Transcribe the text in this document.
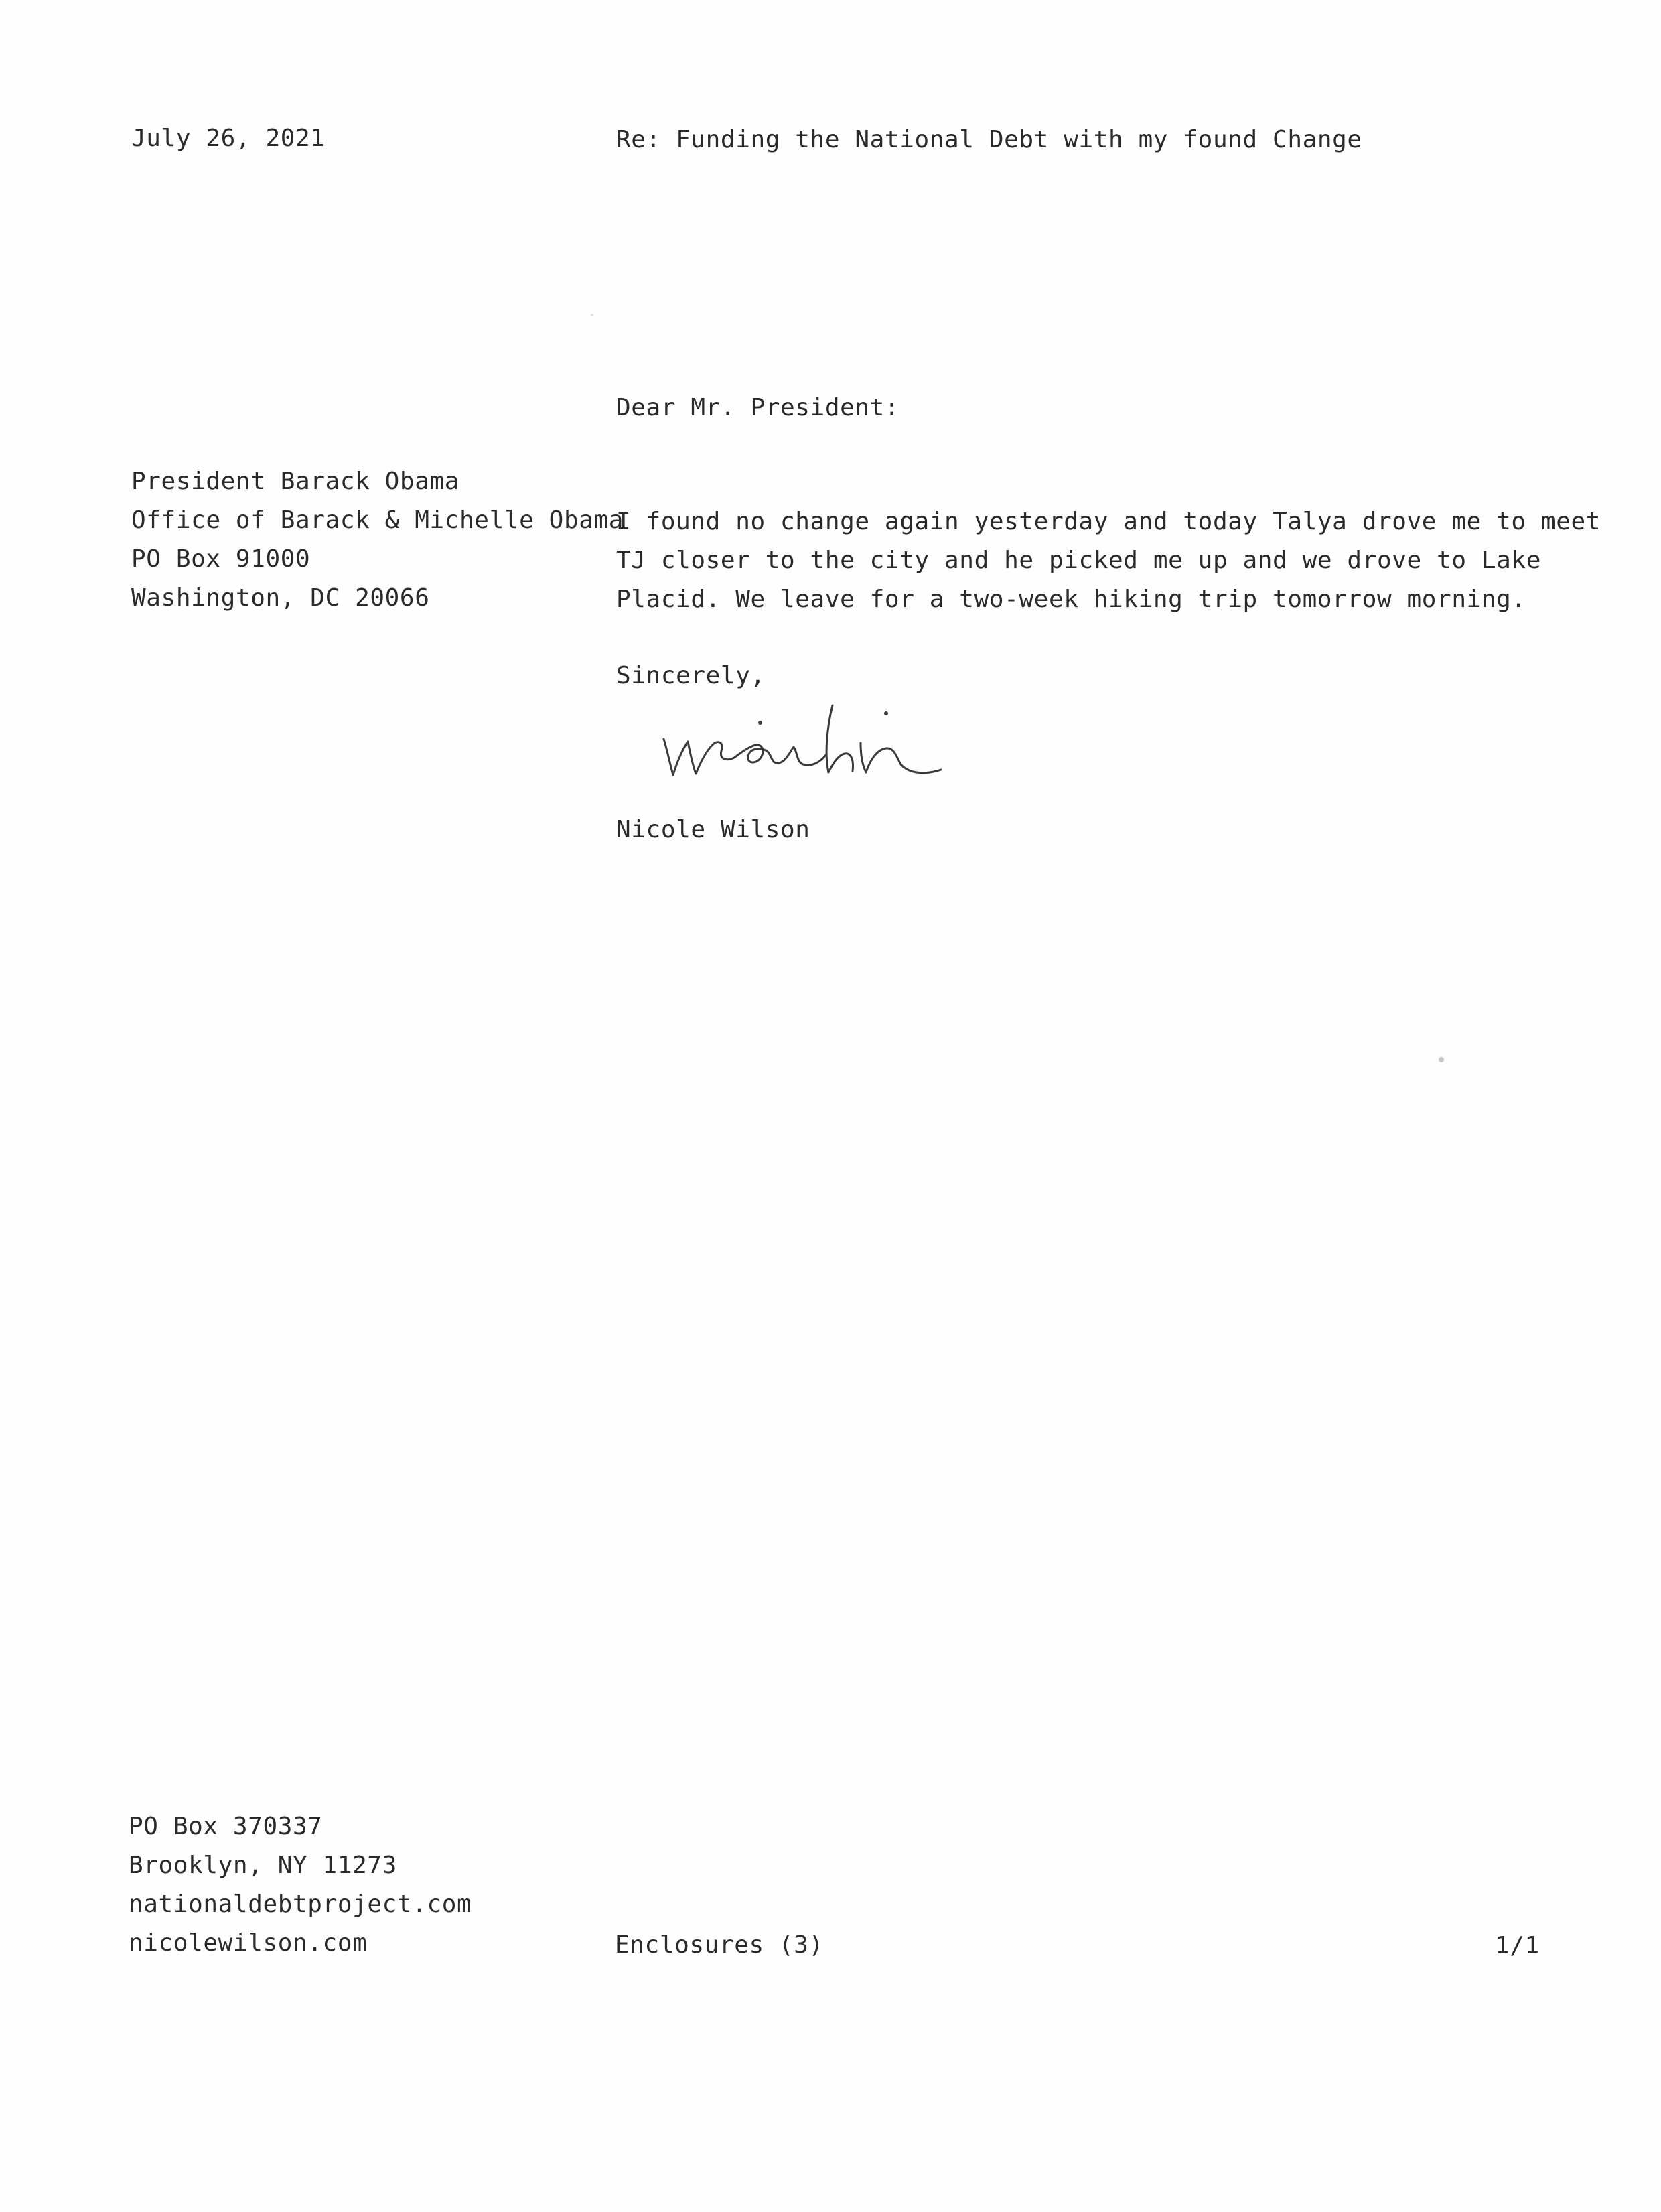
July 26, 2021	Re: Funding the National Debt with my found Change
Dear Mr. President:
President Barack Obama
Office of Barack & Michelle Obama
PO Box 91000
Washington, DC 20066
I found no change again yesterday and today Talya drove me to meet
TJ closer to the city and he picked me up and we drove to Lake
Placid. We leave for a two-week hiking trip tomorrow morning.
Sincerely,
Nicole Wilson
PO Box 370337
Brooklyn, NY 11273
nationaldebtproject.com
nicolewilson.com	Enclosures (3)	1/1
